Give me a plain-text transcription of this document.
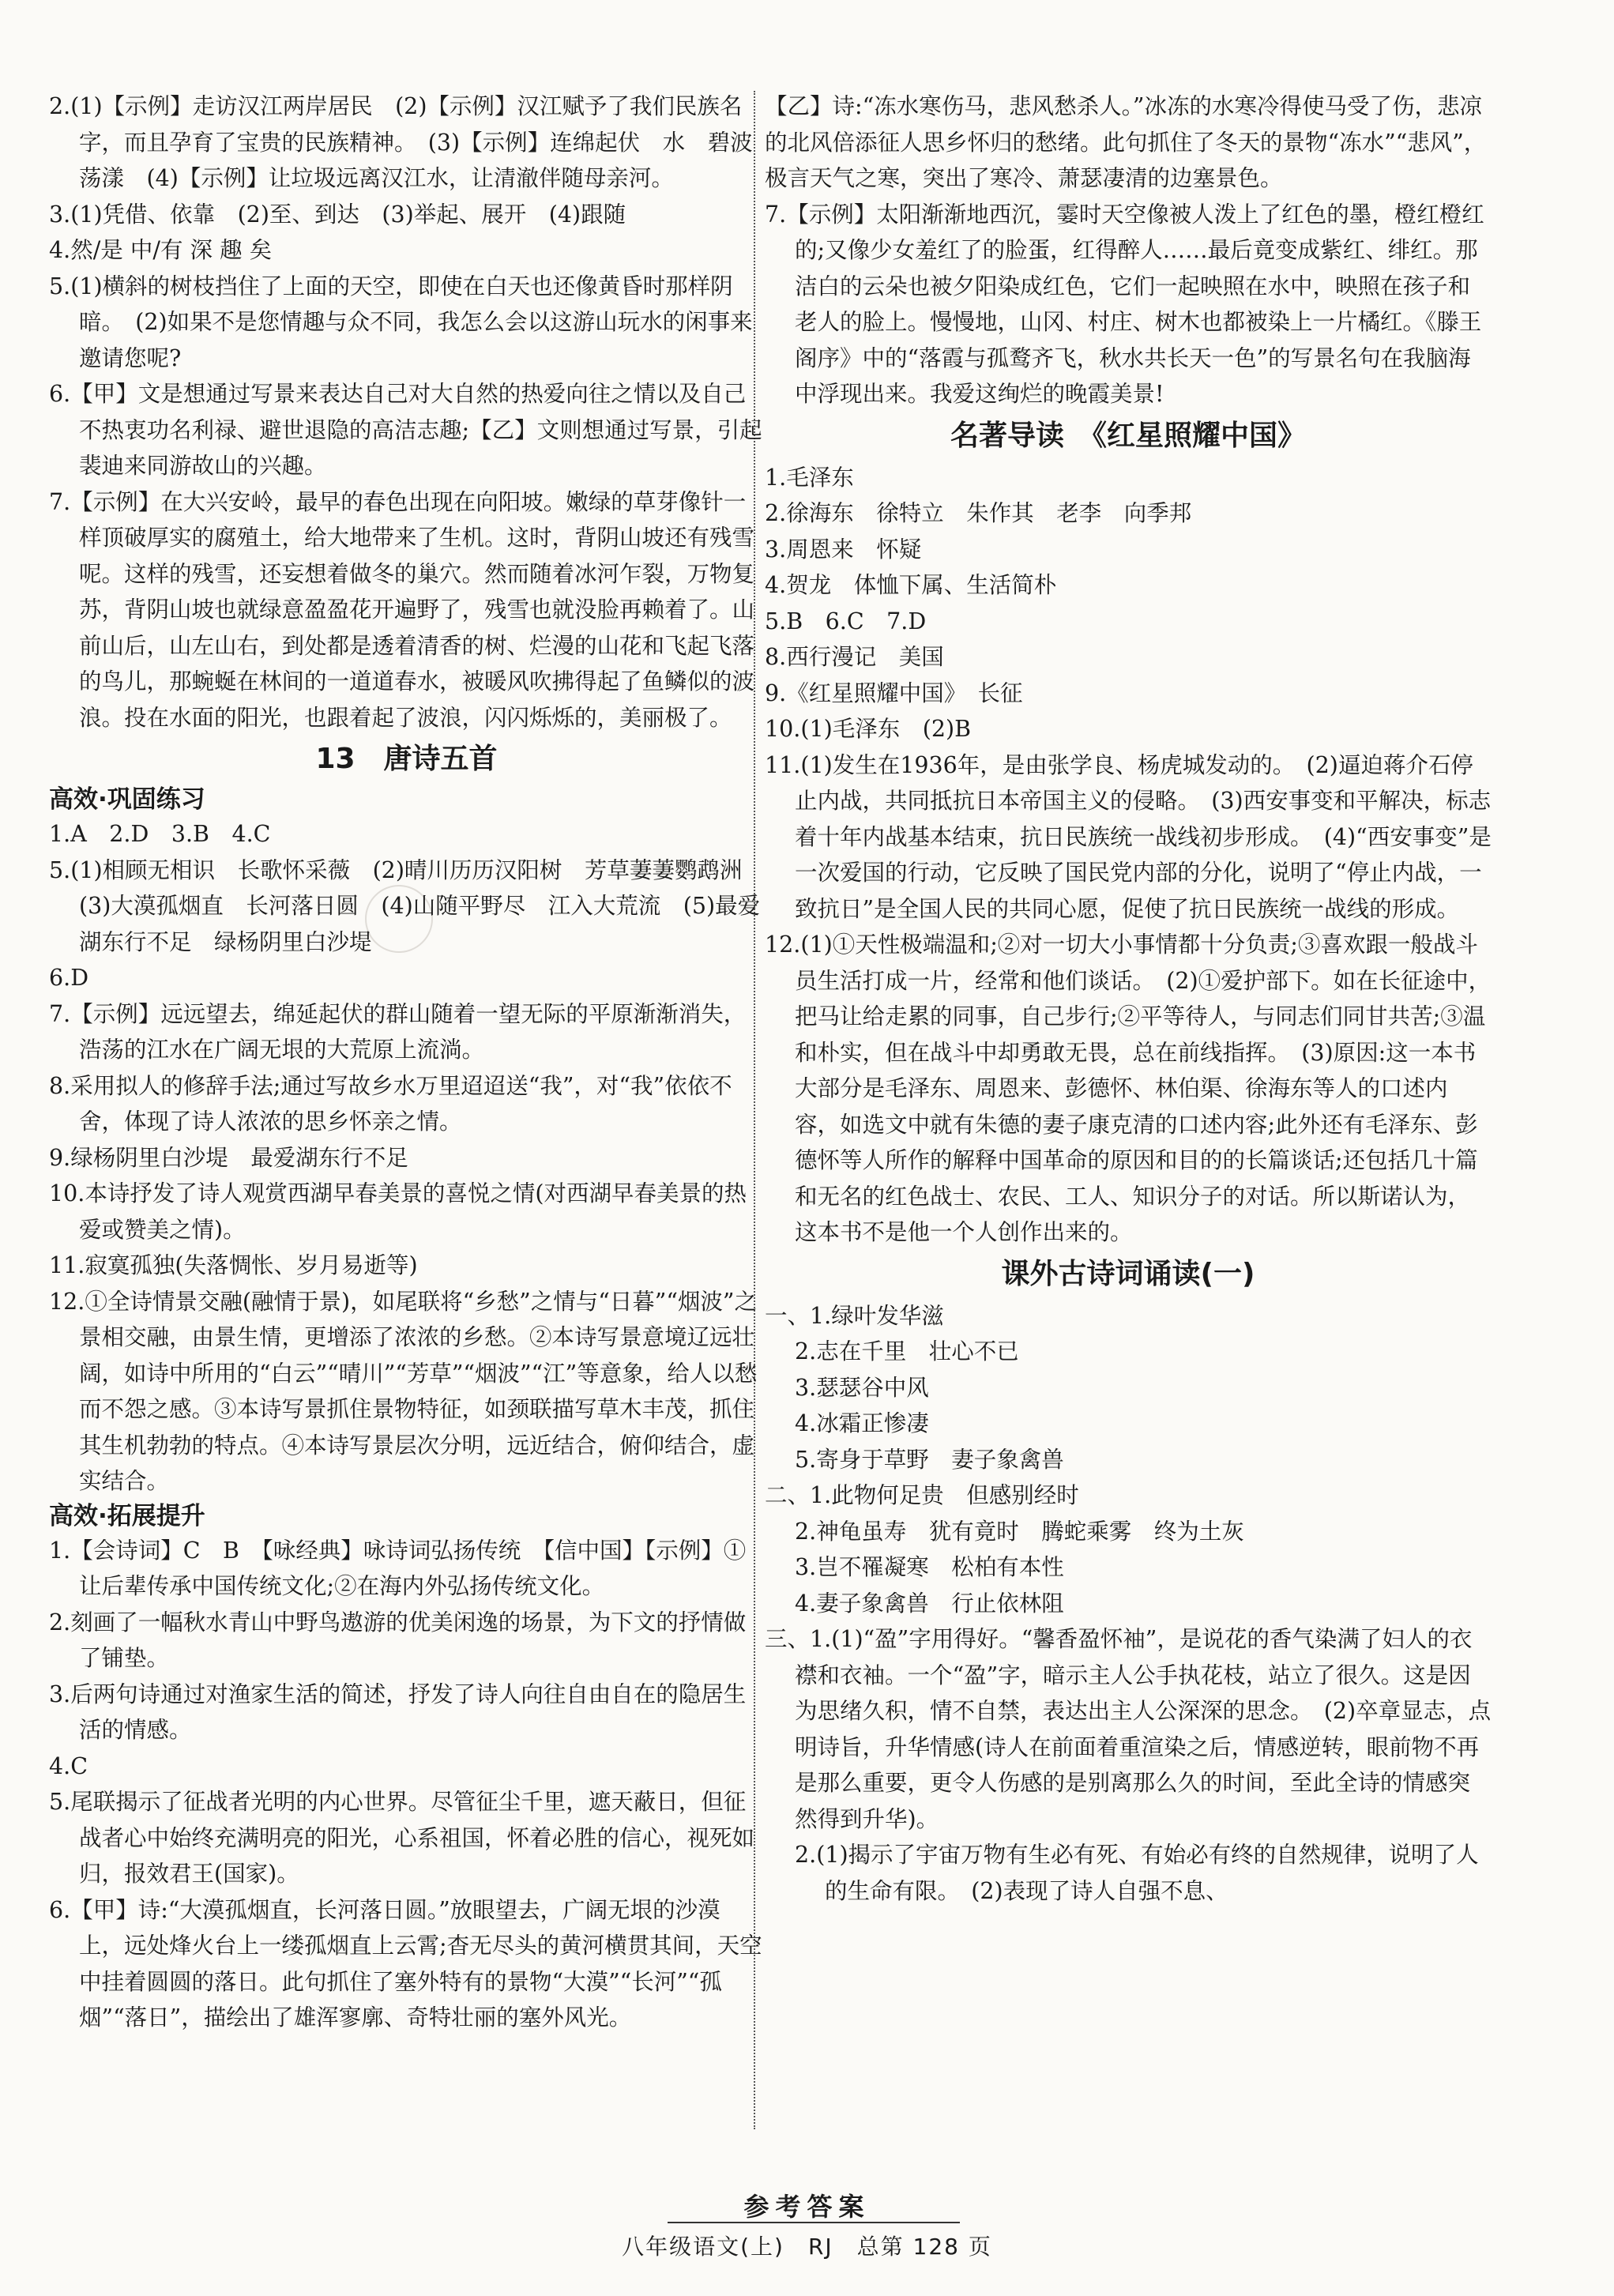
2.(1)【示例】走访汉江两岸居民　(2)【示例】汉江赋予了我们民族名字，而且孕育了宝贵的民族精神。　(3)【示例】连绵起伏　水　碧波荡漾　(4)【示例】让垃圾远离汉江水，让清澈伴随母亲河。
3.(1)凭借、依靠　(2)至、到达　(3)举起、展开　(4)跟随
4.然/是 中/有 深 趣 矣
5.(1)横斜的树枝挡住了上面的天空，即使在白天也还像黄昏时那样阴暗。　(2)如果不是您情趣与众不同，我怎么会以这游山玩水的闲事来邀请您呢?
6.【甲】文是想通过写景来表达自己对大自然的热爱向往之情以及自己不热衷功名利禄、避世退隐的高洁志趣;【乙】文则想通过写景，引起裴迪来同游故山的兴趣。
7.【示例】在大兴安岭，最早的春色出现在向阳坡。嫩绿的草芽像针一样顶破厚实的腐殖土，给大地带来了生机。这时，背阴山坡还有残雪呢。这样的残雪，还妄想着做冬的巢穴。然而随着冰河乍裂，万物复苏，背阴山坡也就绿意盈盈花开遍野了，残雪也就没脸再赖着了。山前山后，山左山右，到处都是透着清香的树、烂漫的山花和飞起飞落的鸟儿，那蜿蜒在林间的一道道春水，被暖风吹拂得起了鱼鳞似的波浪。投在水面的阳光，也跟着起了波浪，闪闪烁烁的，美丽极了。
13　唐诗五首
高效·巩固练习
1.A　2.D　3.B　4.C
5.(1)相顾无相识　长歌怀采薇　(2)晴川历历汉阳树　芳草萋萋鹦鹉洲　(3)大漠孤烟直　长河落日圆　(4)山随平野尽　江入大荒流　(5)最爱湖东行不足　绿杨阴里白沙堤
6.D
7.【示例】远远望去，绵延起伏的群山随着一望无际的平原渐渐消失，浩荡的江水在广阔无垠的大荒原上流淌。
8.采用拟人的修辞手法;通过写故乡水万里迢迢送“我”，对“我”依依不舍，体现了诗人浓浓的思乡怀亲之情。
9.绿杨阴里白沙堤　最爱湖东行不足
10.本诗抒发了诗人观赏西湖早春美景的喜悦之情(对西湖早春美景的热爱或赞美之情)。
11.寂寞孤独(失落惆怅、岁月易逝等)
12.①全诗情景交融(融情于景)，如尾联将“乡愁”之情与“日暮”“烟波”之景相交融，由景生情，更增添了浓浓的乡愁。②本诗写景意境辽远壮阔，如诗中所用的“白云”“晴川”“芳草”“烟波”“江”等意象，给人以愁而不怨之感。③本诗写景抓住景物特征，如颈联描写草木丰茂，抓住其生机勃勃的特点。④本诗写景层次分明，远近结合，俯仰结合，虚实结合。
高效·拓展提升
1.【会诗词】C　B　【咏经典】咏诗词弘扬传统　【信中国】【示例】①让后辈传承中国传统文化;②在海内外弘扬传统文化。
2.刻画了一幅秋水青山中野鸟遨游的优美闲逸的场景，为下文的抒情做了铺垫。
3.后两句诗通过对渔家生活的简述，抒发了诗人向往自由自在的隐居生活的情感。
4.C
5.尾联揭示了征战者光明的内心世界。尽管征尘千里，遮天蔽日，但征战者心中始终充满明亮的阳光，心系祖国，怀着必胜的信心，视死如归，报效君王(国家)。
6.【甲】诗:“大漠孤烟直，长河落日圆。”放眼望去，广阔无垠的沙漠上，远处烽火台上一缕孤烟直上云霄;杳无尽头的黄河横贯其间，天空中挂着圆圆的落日。此句抓住了塞外特有的景物“大漠”“长河”“孤烟”“落日”，描绘出了雄浑寥廓、奇特壮丽的塞外风光。
【乙】诗:“冻水寒伤马，悲风愁杀人。”冰冻的水寒冷得使马受了伤，悲凉的北风倍添征人思乡怀归的愁绪。此句抓住了冬天的景物“冻水”“悲风”，极言天气之寒，突出了寒冷、萧瑟凄清的边塞景色。
7.【示例】太阳渐渐地西沉，霎时天空像被人泼上了红色的墨，橙红橙红的;又像少女羞红了的脸蛋，红得醉人……最后竟变成紫红、绯红。那洁白的云朵也被夕阳染成红色，它们一起映照在水中，映照在孩子和老人的脸上。慢慢地，山冈、村庄、树木也都被染上一片橘红。《滕王阁序》中的“落霞与孤鹜齐飞，秋水共长天一色”的写景名句在我脑海中浮现出来。我爱这绚烂的晚霞美景!
名著导读　《红星照耀中国》
1.毛泽东
2.徐海东　徐特立　朱作其　老李　向季邦
3.周恩来　怀疑
4.贺龙　体恤下属、生活简朴
5.B　6.C　7.D
8.西行漫记　美国
9.《红星照耀中国》　长征
10.(1)毛泽东　(2)B
11.(1)发生在1936年，是由张学良、杨虎城发动的。　(2)逼迫蒋介石停止内战，共同抵抗日本帝国主义的侵略。　(3)西安事变和平解决，标志着十年内战基本结束，抗日民族统一战线初步形成。　(4)“西安事变”是一次爱国的行动，它反映了国民党内部的分化，说明了“停止内战，一致抗日”是全国人民的共同心愿，促使了抗日民族统一战线的形成。
12.(1)①天性极端温和;②对一切大小事情都十分负责;③喜欢跟一般战斗员生活打成一片，经常和他们谈话。　(2)①爱护部下。如在长征途中，把马让给走累的同事，自己步行;②平等待人，与同志们同甘共苦;③温和朴实，但在战斗中却勇敢无畏，总在前线指挥。　(3)原因:这一本书大部分是毛泽东、周恩来、彭德怀、林伯渠、徐海东等人的口述内容，如选文中就有朱德的妻子康克清的口述内容;此外还有毛泽东、彭德怀等人所作的解释中国革命的原因和目的的长篇谈话;还包括几十篇和无名的红色战士、农民、工人、知识分子的对话。所以斯诺认为，这本书不是他一个人创作出来的。
课外古诗词诵读(一)
一、1.绿叶发华滋
2.志在千里　壮心不已
3.瑟瑟谷中风
4.冰霜正惨凄
5.寄身于草野　妻子象禽兽
二、1.此物何足贵　但感别经时
2.神龟虽寿　犹有竟时　腾蛇乘雾　终为土灰
3.岂不罹凝寒　松柏有本性
4.妻子象禽兽　行止依林阻
三、1.(1)“盈”字用得好。“馨香盈怀袖”，是说花的香气染满了妇人的衣襟和衣袖。一个“盈”字，暗示主人公手执花枝，站立了很久。这是因为思绪久积，情不自禁，表达出主人公深深的思念。　(2)卒章显志，点明诗旨，升华情感(诗人在前面着重渲染之后，情感逆转，眼前物不再是那么重要，更令人伤感的是别离那么久的时间，至此全诗的情感突然得到升华)。
2.(1)揭示了宇宙万物有生必有死、有始必有终的自然规律，说明了人的生命有限。　(2)表现了诗人自强不息、
参考答案
八年级语文(上)　RJ　总第 128 页
